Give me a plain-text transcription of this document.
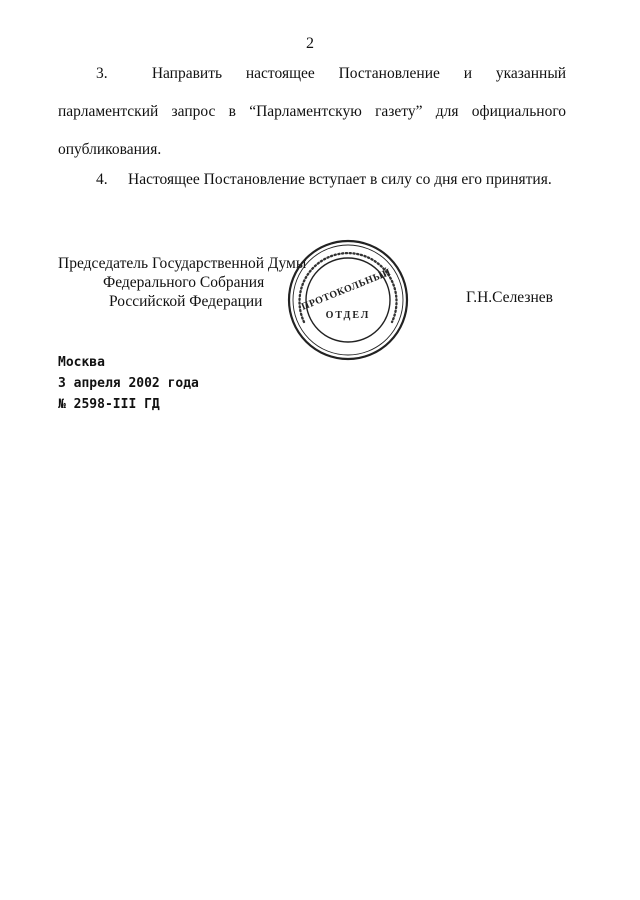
2
3.	Направить настоящее Постановление и указанный
парламентский запрос в “Парламентскую газету” для официального
опубликования.
4. Настоящее Постановление вступает в силу со дня его принятия.
Председатель Государственной Думы
Федерального Собрания
Российской Федерации	Г.Н.Селезнев
ПРОТОКОЛЬНЫЙ
ОТДЕЛ
Москва
3 апреля 2002 года
№ 2598-III ГД
